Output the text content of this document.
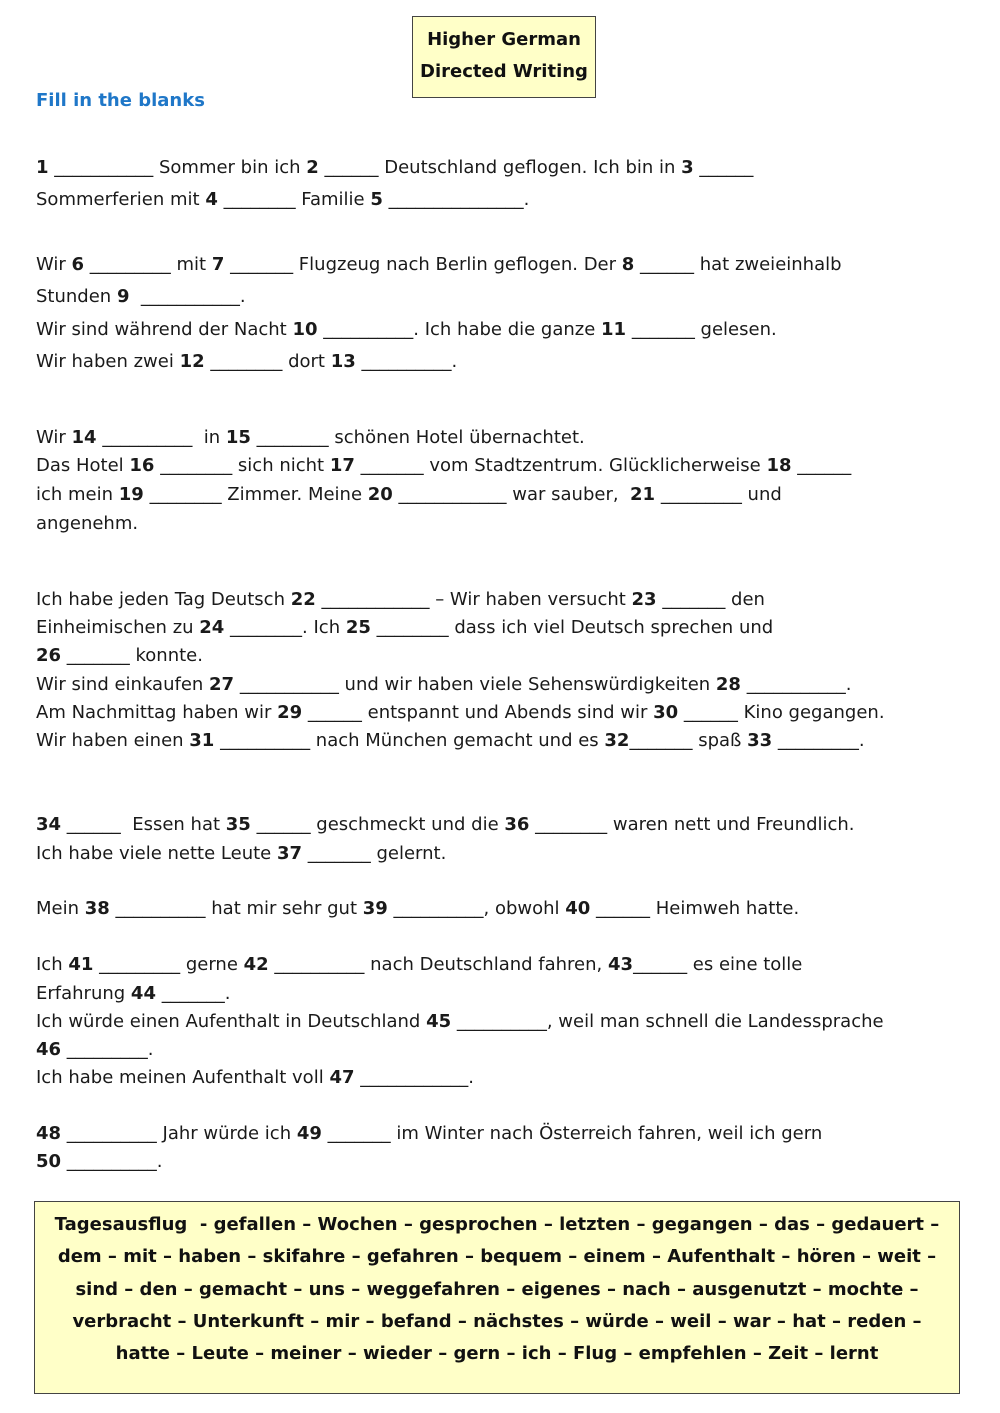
Higher German
Directed Writing
Fill in the blanks
1 ___________ Sommer bin ich 2 ______ Deutschland geflogen. Ich bin in 3 ______
Sommerferien mit 4 ________ Familie 5 _______________.
Wir 6 _________ mit 7 _______ Flugzeug nach Berlin geflogen. Der 8 ______ hat zweieinhalb
Stunden 9  ___________.
Wir sind während der Nacht 10 __________. Ich habe die ganze 11 _______ gelesen.
Wir haben zwei 12 ________ dort 13 __________.
Wir 14 __________  in 15 ________ schönen Hotel übernachtet.
Das Hotel 16 ________ sich nicht 17 _______ vom Stadtzentrum. Glücklicherweise 18 ______
ich mein 19 ________ Zimmer. Meine 20 ____________ war sauber,  21 _________ und
angenehm.
Ich habe jeden Tag Deutsch 22 ____________ – Wir haben versucht 23 _______ den
Einheimischen zu 24 ________. Ich 25 ________ dass ich viel Deutsch sprechen und
26 _______ konnte.
Wir sind einkaufen 27 ___________ und wir haben viele Sehenswürdigkeiten 28 ___________.
Am Nachmittag haben wir 29 ______ entspannt und Abends sind wir 30 ______ Kino gegangen.
Wir haben einen 31 __________ nach München gemacht und es 32_______ spaß 33 _________.
34 ______  Essen hat 35 ______ geschmeckt und die 36 ________ waren nett und Freundlich.
Ich habe viele nette Leute 37 _______ gelernt.
Mein 38 __________ hat mir sehr gut 39 __________, obwohl 40 ______ Heimweh hatte.
Ich 41 _________ gerne 42 __________ nach Deutschland fahren, 43______ es eine tolle
Erfahrung 44 _______.
Ich würde einen Aufenthalt in Deutschland 45 __________, weil man schnell die Landessprache
46 _________.
Ich habe meinen Aufenthalt voll 47 ____________.
48 __________ Jahr würde ich 49 _______ im Winter nach Österreich fahren, weil ich gern
50 __________.
Tagesausflug  - gefallen – Wochen – gesprochen – letzten – gegangen – das – gedauert –
dem – mit – haben – skifahre – gefahren – bequem – einem – Aufenthalt – hören – weit –
sind – den – gemacht – uns – weggefahren – eigenes – nach – ausgenutzt – mochte –
verbracht – Unterkunft – mir – befand – nächstes – würde – weil – war – hat – reden –
hatte – Leute – meiner – wieder – gern – ich – Flug – empfehlen – Zeit – lernt
